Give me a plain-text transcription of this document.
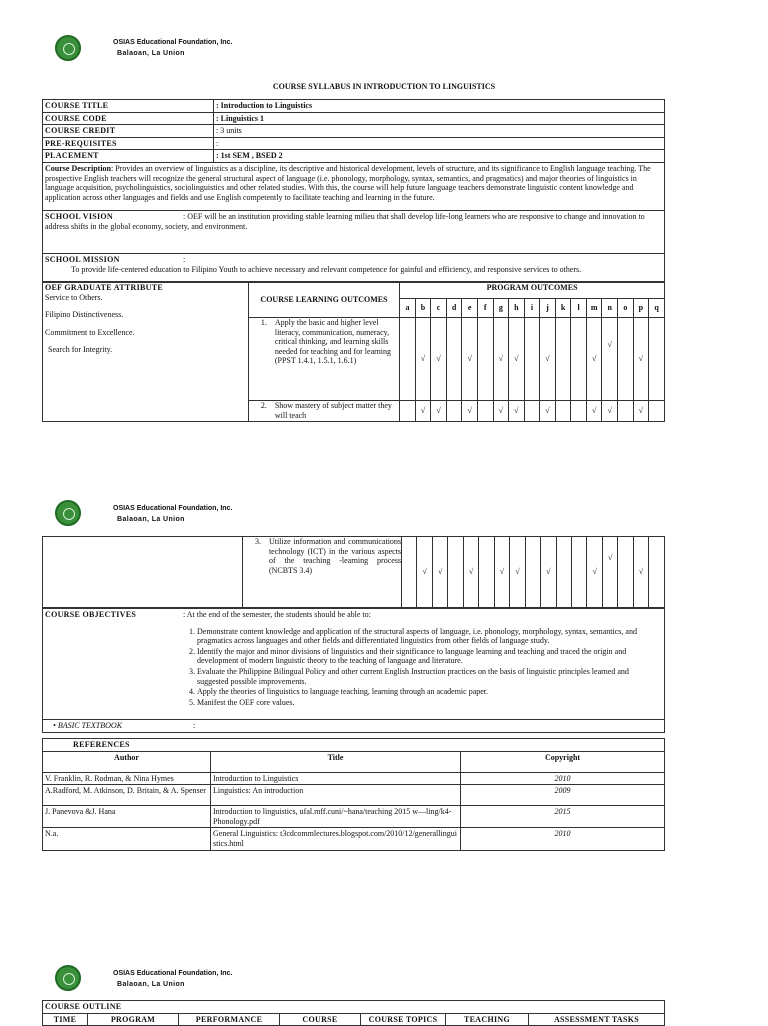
OSIAS Educational Foundation, Inc.
Balaoan, La Union
COURSE SYLLABUS IN INTRODUCTION TO LINGUISTICS
COURSE TITLE	: Introduction to Linguistics
COURSE CODE	: Linguistics 1
COURSE CREDIT	: 3 units
PRE-REQUISITES	:
PLACEMENT	: 1st SEM , BSED 2
Course Description: Provides an overview of linguistics as a discipline, its descriptive and historical development, levels of structure, and its significance to English language teaching. The prospective English teachers will recognize the general structural aspect of language (i.e. phonology, morphology, syntax, semantics, and pragmatics) and major theories of linguistics in language acquisition, psycholinguistics, sociolinguistics and other related studies. With this, the course will help future language teachers demonstrate linguistic content knowledge and application across other languages and fields and use English competently to facilitate teaching and learning in the future.	
SCHOOL VISION : OEF will be an institution providing stable learning milieu that shall develop life-long learners who are responsive to change and innovation to address shifts in the global economy, society, and environment.	
SCHOOL MISSION :
To provide life-centered education to Filipino Youth to achieve necessary and relevant competence for gainful and efficiency, and responsive services to others.	
OEF GRADUATE ATTRIBUTE
Service to Others.
Filipino Distinctiveness.
Commitment to Excellence.
Search for Integrity.	COURSE LEARNING OUTCOMES	PROGRAM OUTCOMES																
		a	b	c	d	e	f	g	h	i	j	k	l	m	n	o	p	q

	1. Apply the basic and higher level literacy, communication, numeracy, critical thinking, and learning skills needed for teaching and for learning (PPST 1.4.1, 1.5.1, 1.6.1)		√	√		√		√	√		√			√	√		√	

	2. Show mastery of subject matter they will teach		√	√		√		√	√		√			√	√		√	
OSIAS Educational Foundation, Inc.
Balaoan, La Union

3.	Utilize information and communications technology (ICT) in the various aspects of the teaching -learning process (NCBTS 3.4)		√	√		√		√	√		√			√	√		√	
COURSE OBJECTIVES	: At the end of the semester, the students should be able to:
1. Demonstrate content knowledge and application of the structural aspects of language, i.e. phonology, morphology, syntax, semantics, and pragmatics across languages and other fields and differentiated linguistics from other fields of language study.
2. Identify the major and minor divisions of linguistics and their significance to language learning and teaching and traced the origin and development of modern linguistic theory to the teaching of language and literature.
3. Evaluate the Philippine Bilingual Policy and other current English Instruction practices on the basis of linguistic principles learned and suggested possible improvements.
4. Apply the theories of linguistics to language teaching, learning through an academic paper.
5. Manifest the OEF core values.

• BASIC TEXTBOOK	:
REFERENCES		
Author	Title	Copyright
V. Franklin, R. Rodman, & Nina Hymes	Introduction to Linguistics	2010
A.Radford, M. Atkinson, D. Britain, & A. Spenser	Linguistics: An introduction	2009
J. Panevova &J. Hana	Introduction to linguistics, ufal.mff.cuni/~hana/teaching 2015 w—ling/k4- Phonology.pdf	2015
N.a.	General Linguistics: t3cdcommlectures.blogspot.com/2010/12/generallinguistics.html	2010
OSIAS Educational Foundation, Inc.
Balaoan, La Union
COURSE OUTLINE
TIME	PROGRAM	PERFORMANCE	COURSE	COURSE TOPICS	TEACHING	ASSESSMENT TASKS
